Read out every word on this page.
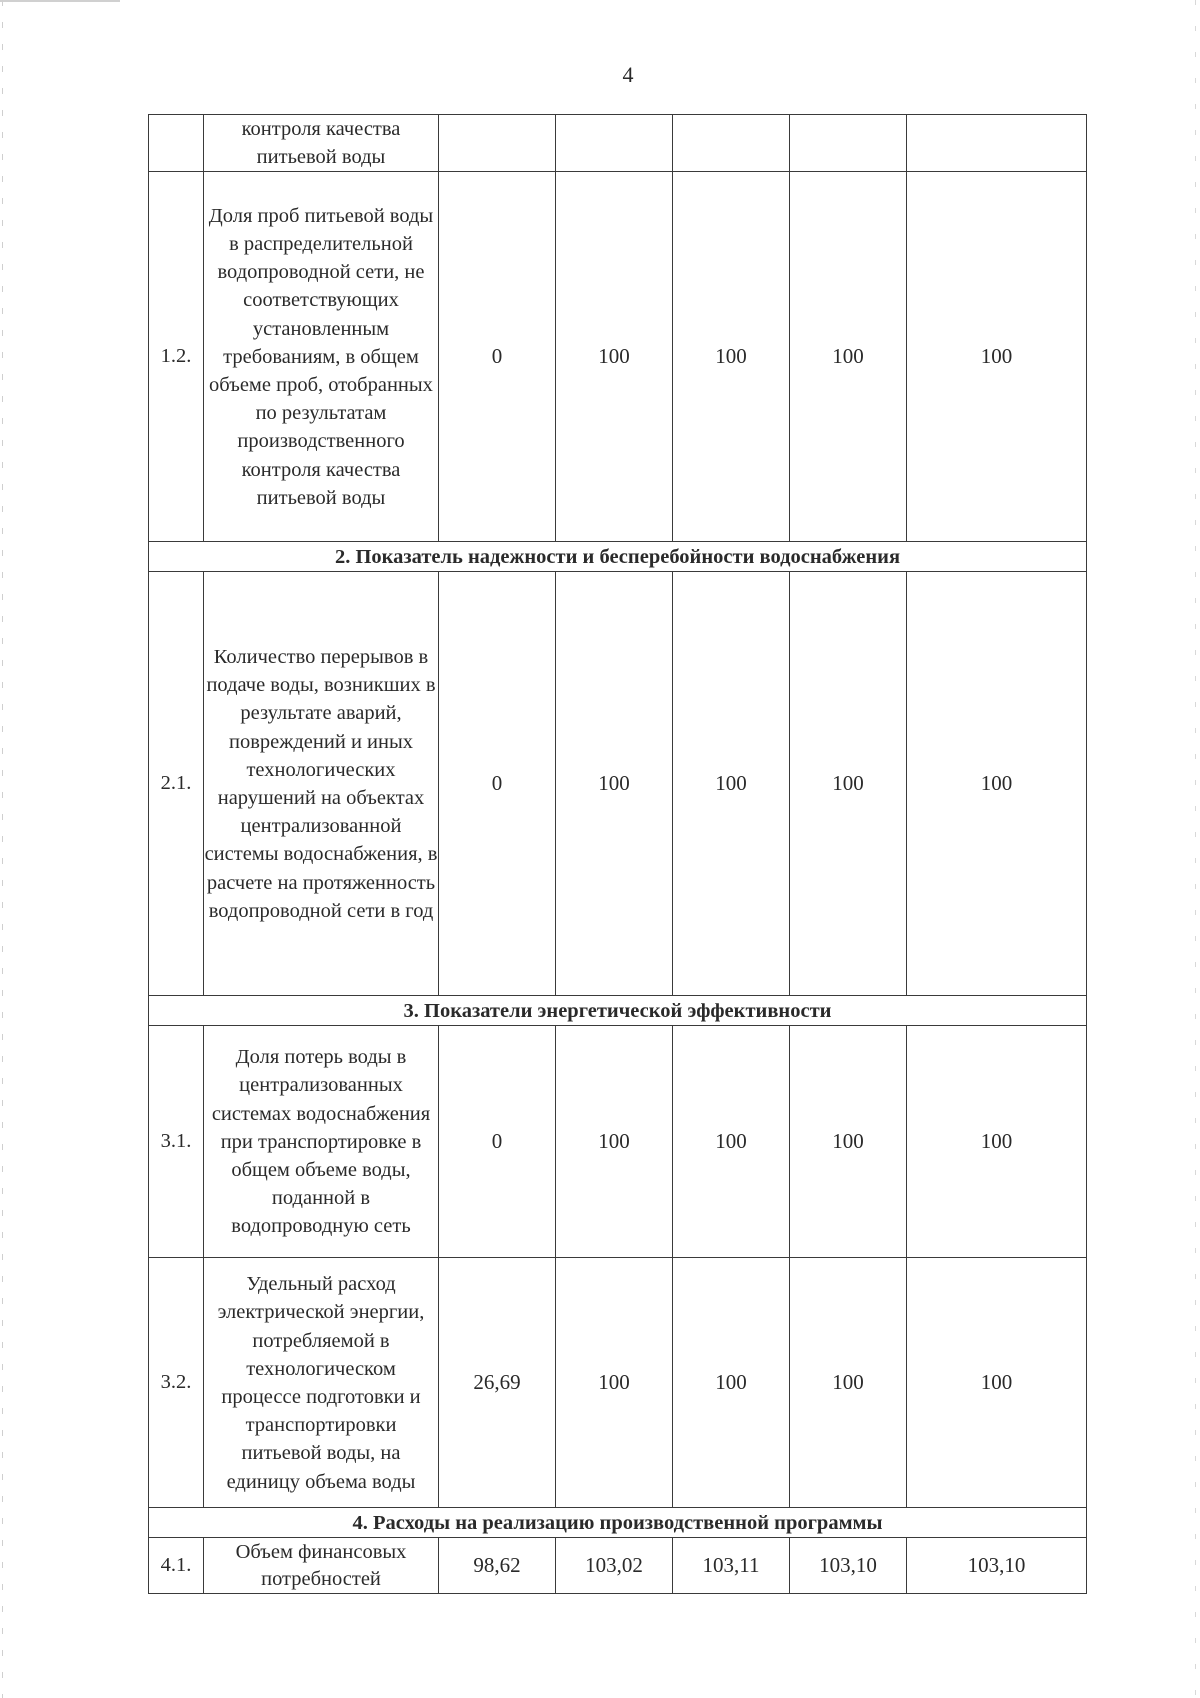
4
	контроля качества питьевой воды					
1.2.	Доля проб питьевой воды в распределительной водопроводной сети, не соответствующих установленным требованиям, в общем объеме проб, отобранных по результатам производственного контроля качества питьевой воды	0	100	100	100	100
2. Показатель надежности и бесперебойности водоснабжения						
2.1.	Количество перерывов в подаче воды, возникших в результате аварий, повреждений и иных технологических нарушений на объектах централизованной системы водоснабжения, в расчете на протяженность водопроводной сети в год	0	100	100	100	100
3. Показатели энергетической эффективности						
3.1.	Доля потерь воды в централизованных системах водоснабжения при транспортировке в общем объеме воды, поданной в водопроводную сеть	0	100	100	100	100
3.2.	Удельный расход электрической энергии, потребляемой в технологическом процессе подготовки и транспортировки питьевой воды, на единицу объема воды	26,69	100	100	100	100
4. Расходы на реализацию производственной программы						
4.1.	Объем финансовых потребностей	98,62	103,02	103,11	103,10	103,10
